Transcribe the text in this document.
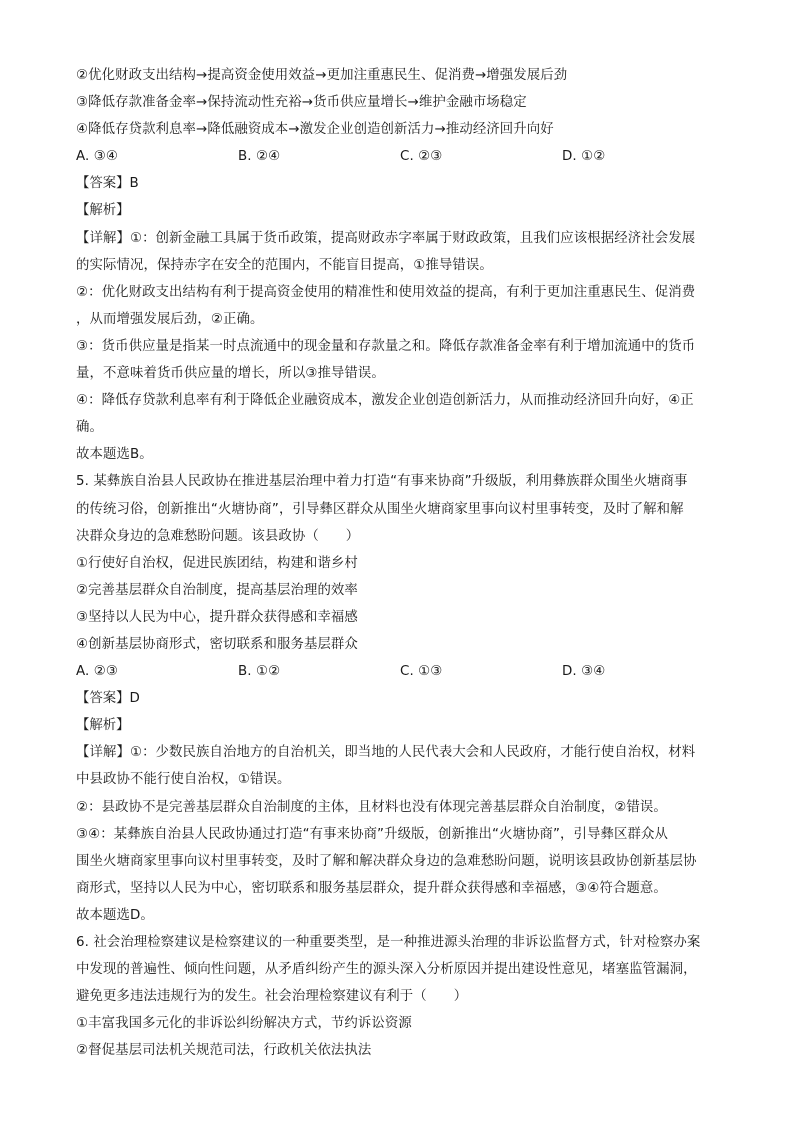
②优化财政支出结构→提高资金使用效益→更加注重惠民生、促消费→增强发展后劲
③降低存款准备金率→保持流动性充裕→货币供应量增长→维护金融市场稳定
④降低存贷款利息率→降低融资成本→激发企业创造创新活力→推动经济回升向好
A. ③④	B. ②④	C. ②③	D. ①②
【答案】B
【解析】
【详解】①：创新金融工具属于货币政策，提高财政赤字率属于财政政策，且我们应该根据经济社会发展
的实际情况，保持赤字在安全的范围内，不能盲目提高，①推导错误。
②：优化财政支出结构有利于提高资金使用的精准性和使用效益的提高，有利于更加注重惠民生、促消费
，从而增强发展后劲，②正确。
③：货币供应量是指某一时点流通中的现金量和存款量之和。降低存款准备金率有利于增加流通中的货币
量，不意味着货币供应量的增长，所以③推导错误。
④：降低存贷款利息率有利于降低企业融资成本，激发企业创造创新活力，从而推动经济回升向好，④正
确。
故本题选B。
5. 某彝族自治县人民政协在推进基层治理中着力打造“有事来协商”升级版，利用彝族群众围坐火塘商事
的传统习俗，创新推出“火塘协商”，引导彝区群众从围坐火塘商家里事向议村里事转变，及时了解和解
决群众身边的急难愁盼问题。该县政协（　　）
①行使好自治权，促进民族团结，构建和谐乡村
②完善基层群众自治制度，提高基层治理的效率
③坚持以人民为中心，提升群众获得感和幸福感
④创新基层协商形式，密切联系和服务基层群众
A. ②③	B. ①②	C. ①③	D. ③④
【答案】D
【解析】
【详解】①：少数民族自治地方的自治机关，即当地的人民代表大会和人民政府，才能行使自治权，材料
中县政协不能行使自治权，①错误。
②：县政协不是完善基层群众自治制度的主体，且材料也没有体现完善基层群众自治制度，②错误。
③④：某彝族自治县人民政协通过打造“有事来协商”升级版，创新推出“火塘协商”，引导彝区群众从
围坐火塘商家里事向议村里事转变，及时了解和解决群众身边的急难愁盼问题，说明该县政协创新基层协
商形式，坚持以人民为中心，密切联系和服务基层群众，提升群众获得感和幸福感，③④符合题意。
故本题选D。
6. 社会治理检察建议是检察建议的一种重要类型，是一种推进源头治理的非诉讼监督方式，针对检察办案
中发现的普遍性、倾向性问题，从矛盾纠纷产生的源头深入分析原因并提出建设性意见，堵塞监管漏洞，
避免更多违法违规行为的发生。社会治理检察建议有利于（　　）
①丰富我国多元化的非诉讼纠纷解决方式，节约诉讼资源
②督促基层司法机关规范司法，行政机关依法执法
